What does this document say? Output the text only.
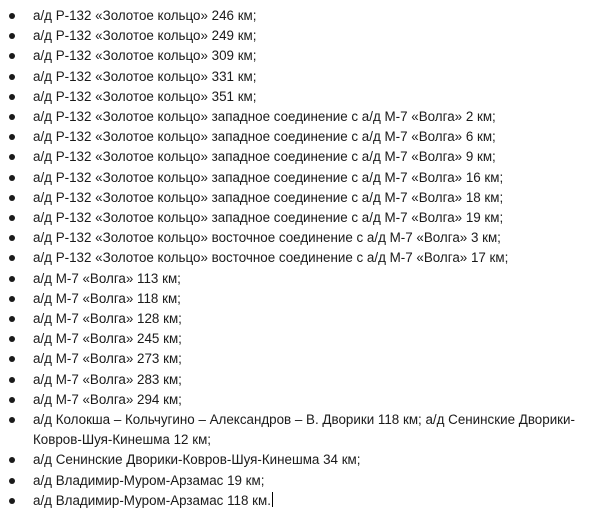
а/д Р-132 «Золотое кольцо» 246 км;
а/д Р-132 «Золотое кольцо» 249 км;
а/д Р-132 «Золотое кольцо» 309 км;
а/д Р-132 «Золотое кольцо» 331 км;
а/д Р-132 «Золотое кольцо» 351 км;
а/д Р-132 «Золотое кольцо» западное соединение с а/д М-7 «Волга» 2 км;
а/д Р-132 «Золотое кольцо» западное соединение с а/д М-7 «Волга» 6 км;
а/д Р-132 «Золотое кольцо» западное соединение с а/д М-7 «Волга» 9 км;
а/д Р-132 «Золотое кольцо» западное соединение с а/д М-7 «Волга» 16 км;
а/д Р-132 «Золотое кольцо» западное соединение с а/д М-7 «Волга» 18 км;
а/д Р-132 «Золотое кольцо» западное соединение с а/д М-7 «Волга» 19 км;
а/д Р-132 «Золотое кольцо» восточное соединение с а/д М-7 «Волга» 3 км;
а/д Р-132 «Золотое кольцо» восточное соединение с а/д М-7 «Волга» 17 км;
а/д М-7 «Волга» 113 км;
а/д М-7 «Волга» 118 км;
а/д М-7 «Волга» 128 км;
а/д М-7 «Волга» 245 км;
а/д М-7 «Волга» 273 км;
а/д М-7 «Волга» 283 км;
а/д М-7 «Волга» 294 км;
а/д Колокша – Кольчугино – Александров – В. Дворики 118 км; а/д Сенинские Дворики-Ковров-Шуя-Кинешма 12 км;
а/д Сенинские Дворики-Ковров-Шуя-Кинешма 34 км;
а/д Владимир-Муром-Арзамас 19 км;
а/д Владимир-Муром-Арзамас 118 км.
